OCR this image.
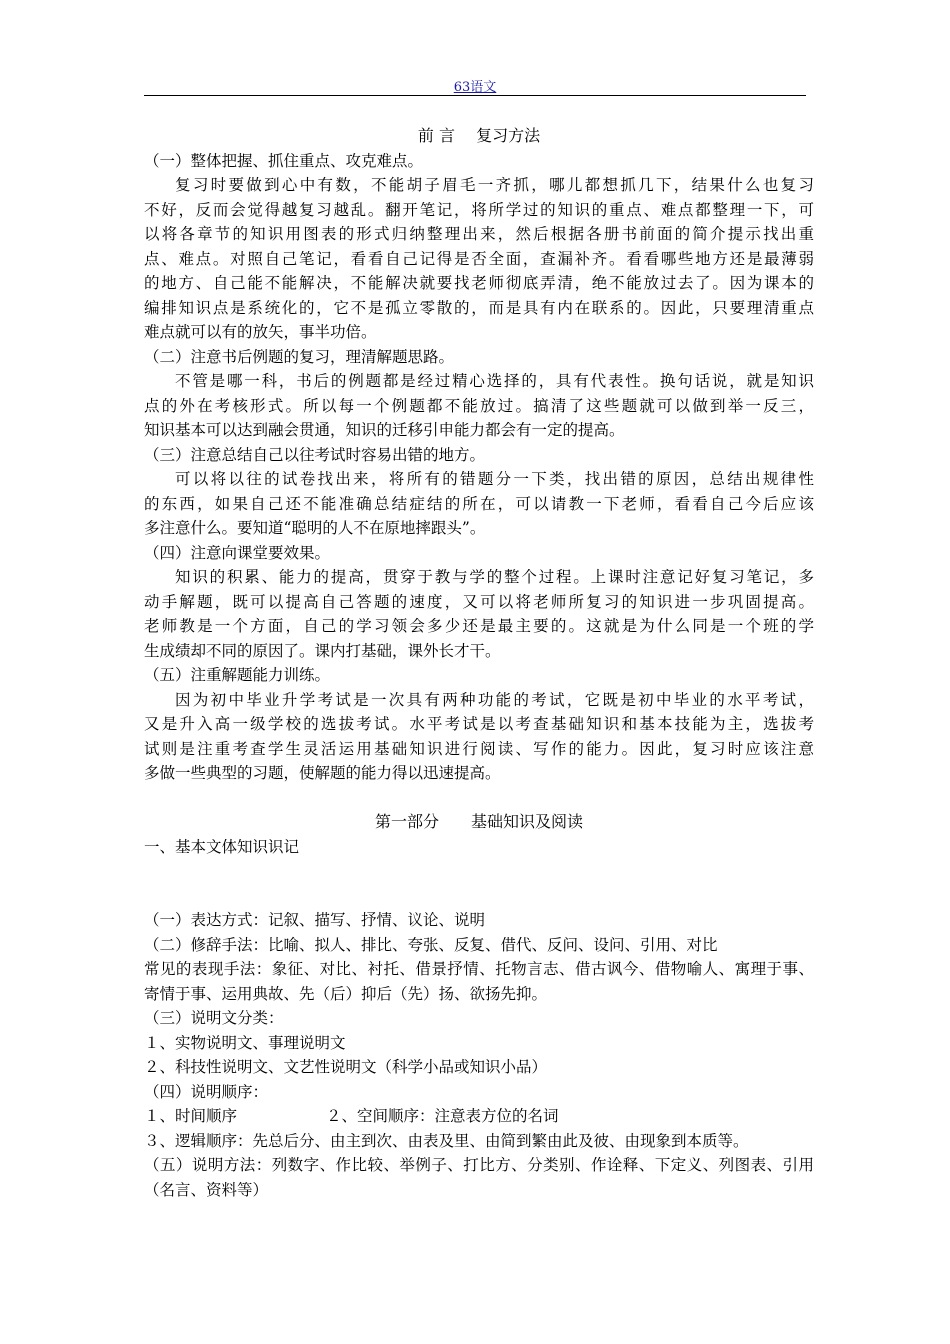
63语文
前 言　 复习方法
（一）整体把握、抓住重点、攻克难点。
复习时要做到心中有数，不能胡子眉毛一齐抓，哪儿都想抓几下，结果什么也复习
不好，反而会觉得越复习越乱。翻开笔记，将所学过的知识的重点、难点都整理一下，可
以将各章节的知识用图表的形式归纳整理出来，然后根据各册书前面的简介提示找出重
点、难点。对照自己笔记，看看自己记得是否全面，查漏补齐。看看哪些地方还是最薄弱
的地方、自己能不能解决，不能解决就要找老师彻底弄清，绝不能放过去了。因为课本的
编排知识点是系统化的，它不是孤立零散的，而是具有内在联系的。因此，只要理清重点
难点就可以有的放矢，事半功倍。
（二）注意书后例题的复习，理清解题思路。
不管是哪一科，书后的例题都是经过精心选择的，具有代表性。换句话说，就是知识
点的外在考核形式。所以每一个例题都不能放过。搞清了这些题就可以做到举一反三，
知识基本可以达到融会贯通，知识的迁移引申能力都会有一定的提高。
（三）注意总结自己以往考试时容易出错的地方。
可以将以往的试卷找出来，将所有的错题分一下类，找出错的原因，总结出规律性
的东西，如果自己还不能准确总结症结的所在，可以请教一下老师，看看自己今后应该
多注意什么。要知道“聪明的人不在原地摔跟头”。
（四）注意向课堂要效果。
知识的积累、能力的提高，贯穿于教与学的整个过程。上课时注意记好复习笔记，多
动手解题，既可以提高自己答题的速度，又可以将老师所复习的知识进一步巩固提高。
老师教是一个方面，自己的学习领会多少还是最主要的。这就是为什么同是一个班的学
生成绩却不同的原因了。课内打基础，课外长才干。
（五）注重解题能力训练。
因为初中毕业升学考试是一次具有两种功能的考试，它既是初中毕业的水平考试，
又是升入高一级学校的选拔考试。水平考试是以考查基础知识和基本技能为主，选拔考
试则是注重考查学生灵活运用基础知识进行阅读、写作的能力。因此，复习时应该注意
多做一些典型的习题，使解题的能力得以迅速提高。
第一部分　　基础知识及阅读
一、基本文体知识识记
（一）表达方式：记叙、描写、抒情、议论、说明
（二）修辞手法：比喻、拟人、排比、夸张、反复、借代、反问、设问、引用、对比
常见的表现手法：象征、对比、衬托、借景抒情、托物言志、借古讽今、借物喻人、寓理于事、
寄情于事、运用典故、先（后）抑后（先）扬、欲扬先抑。
（三）说明文分类：
１、实物说明文、事理说明文
２、科技性说明文、文艺性说明文（科学小品或知识小品）
（四）说明顺序：
１、时间顺序	２、空间顺序：注意表方位的名词
３、逻辑顺序：先总后分、由主到次、由表及里、由简到繁由此及彼、由现象到本质等。
（五）说明方法：列数字、作比较、举例子、打比方、分类别、作诠释、下定义、列图表、引用
（名言、资料等）
